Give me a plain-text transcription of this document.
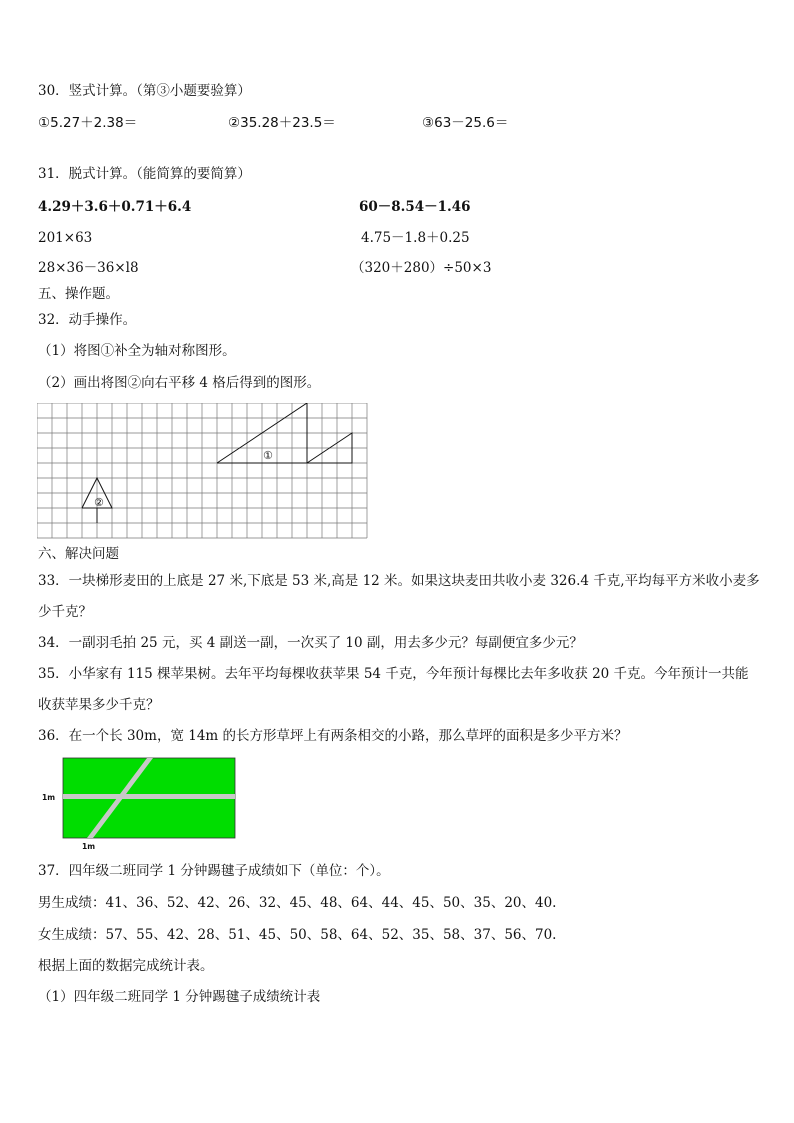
30．竖式计算。（第③小题要验算）
①5.27＋2.38＝	②35.28＋23.5＝	③63－25.6＝
31．脱式计算。（能简算的要简算）
4.29＋3.6＋0.71＋6.4	60－8.54－1.46
201×63	4.75－1.8＋0.25
28×36－36×l8	（320＋280）÷50×3
五、操作题。
32．动手操作。
（1）将图①补全为轴对称图形。
（2）画出将图②向右平移 4 格后得到的图形。
①
②
六、解决问题
33．一块梯形麦田的上底是 27 米,下底是 53 米,高是 12 米。如果这块麦田共收小麦 326.4 千克,平均每平方米收小麦多
少千克？
34．一副羽毛拍 25 元，买 4 副送一副，一次买了 10 副，用去多少元？每副便宜多少元？
35．小华家有 115 棵苹果树。去年平均每棵收获苹果 54 千克，今年预计每棵比去年多收获 20 千克。今年预计一共能
收获苹果多少千克？
36．在一个长 30m，宽 14m 的长方形草坪上有两条相交的小路，那么草坪的面积是多少平方米？
1m
1m
37．四年级二班同学 1 分钟踢毽子成绩如下（单位：个）。
男生成绩：41、36、52、42、26、32、45、48、64、44、45、50、35、20、40.
女生成绩：57、55、42、28、51、45、50、58、64、52、35、58、37、56、70.
根据上面的数据完成统计表。
（1）四年级二班同学 1 分钟踢毽子成绩统计表
